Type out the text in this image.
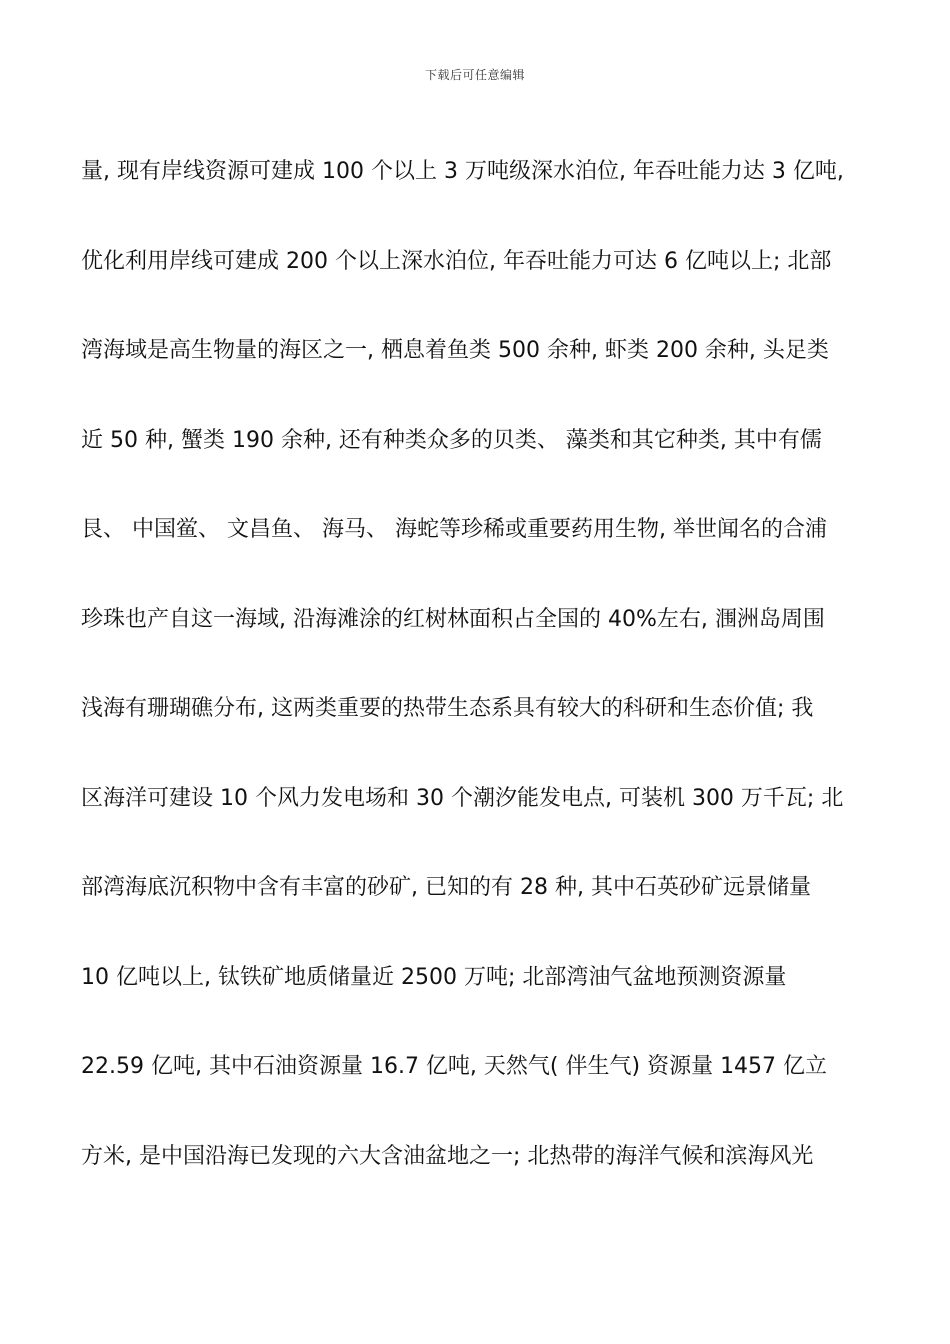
下载后可任意编辑
量, 现有岸线资源可建成 100 个以上 3 万吨级深水泊位, 年吞吐能力达 3 亿吨,
优化利用岸线可建成 200 个以上深水泊位, 年吞吐能力可达 6 亿吨以上; 北部
湾海域是高生物量的海区之一, 栖息着鱼类 500 余种, 虾类 200 余种, 头足类
近 50 种, 蟹类 190 余种, 还有种类众多的贝类、 藻类和其它种类, 其中有儒
艮、 中国鲎、 文昌鱼、 海马、 海蛇等珍稀或重要药用生物, 举世闻名的合浦
珍珠也产自这一海域, 沿海滩涂的红树林面积占全国的 40%左右, 涠洲岛周围
浅海有珊瑚礁分布, 这两类重要的热带生态系具有较大的科研和生态价值; 我
区海洋可建设 10 个风力发电场和 30 个潮汐能发电点, 可装机 300 万千瓦; 北
部湾海底沉积物中含有丰富的砂矿, 已知的有 28 种, 其中石英砂矿远景储量
10 亿吨以上, 钛铁矿地质储量近 2500 万吨; 北部湾油气盆地预测资源量
22.59 亿吨, 其中石油资源量 16.7 亿吨, 天然气( 伴生气) 资源量 1457 亿立
方米, 是中国沿海已发现的六大含油盆地之一; 北热带的海洋气候和滨海风光
